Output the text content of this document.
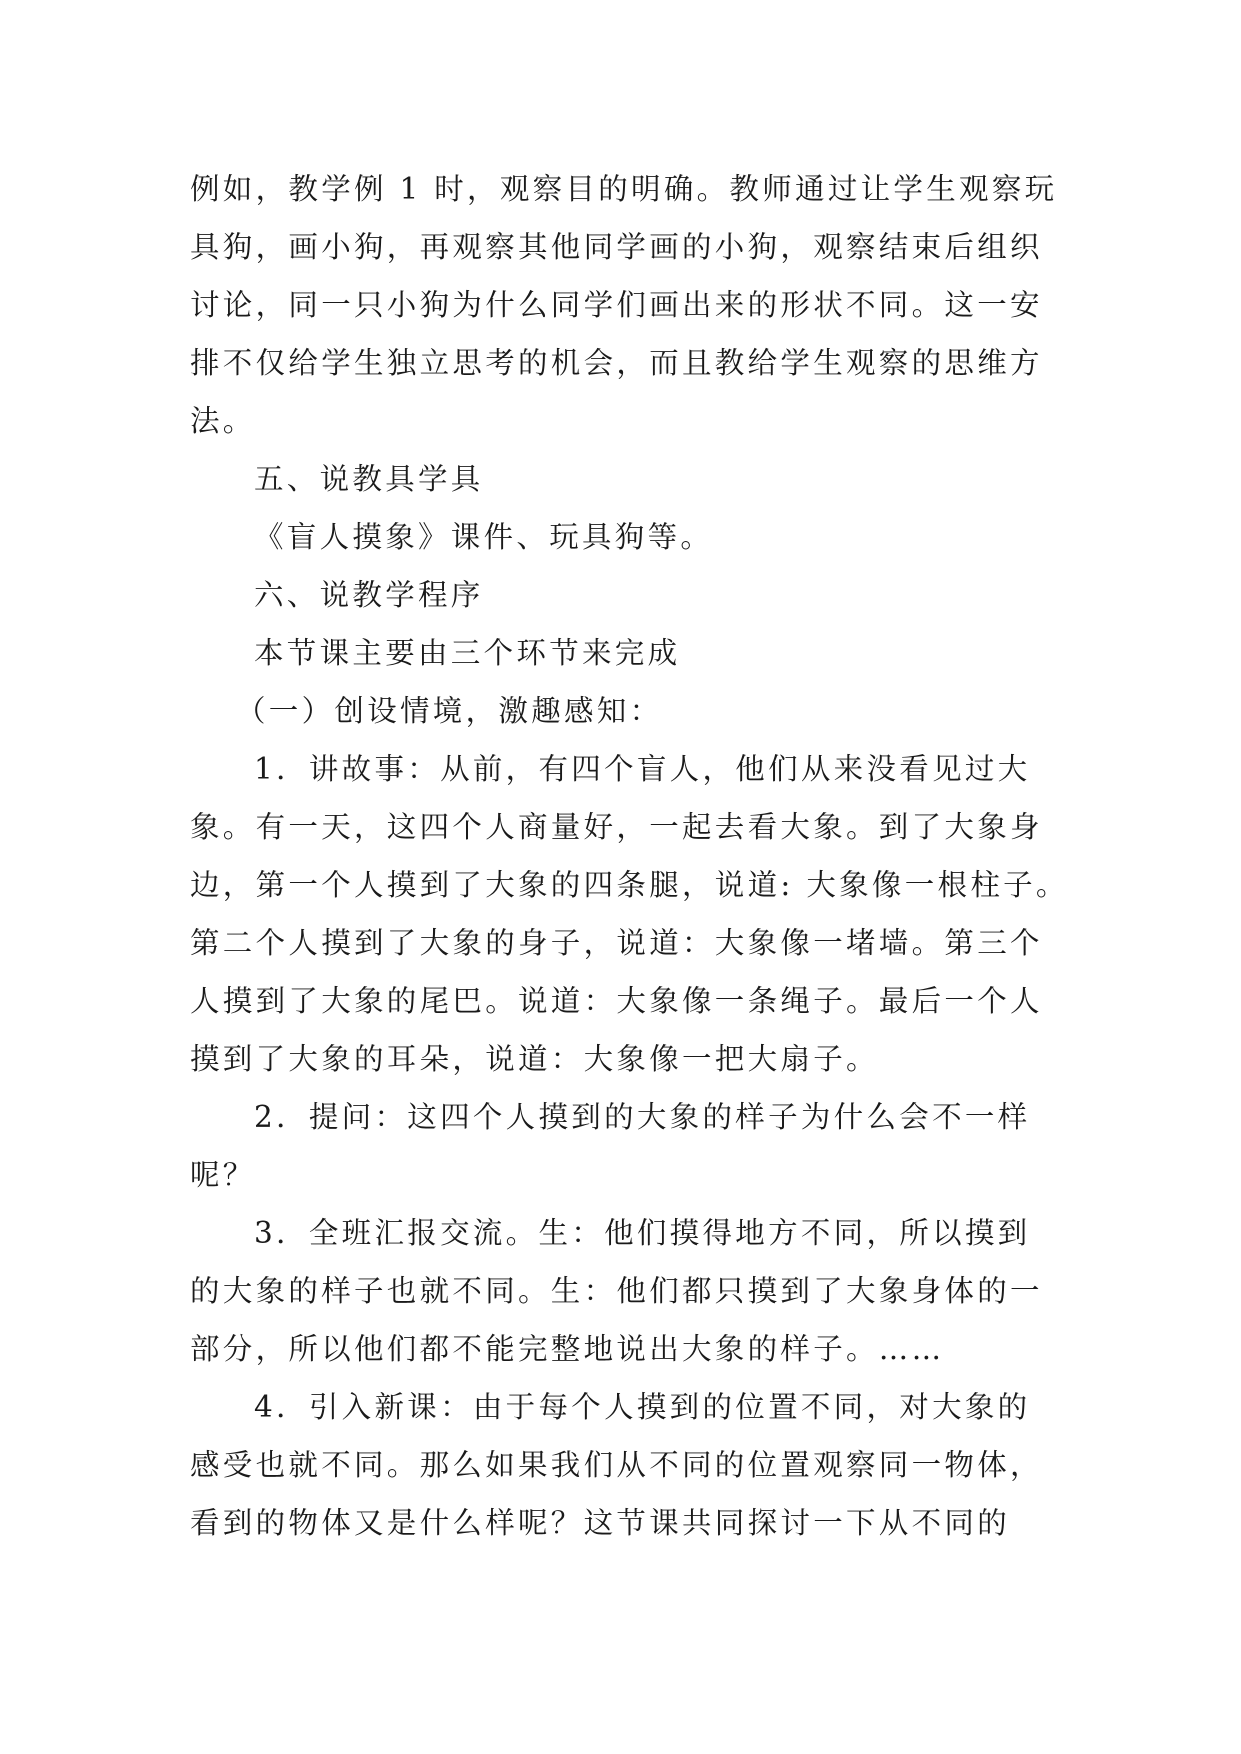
例如，教学例 1 时，观察目的明确。教师通过让学生观察玩
具狗，画小狗，再观察其他同学画的小狗，观察结束后组织
讨论，同一只小狗为什么同学们画出来的形状不同。这一安
排不仅给学生独立思考的机会，而且教给学生观察的思维方
法。
五、说教具学具
《盲人摸象》课件、玩具狗等。
六、说教学程序
本节课主要由三个环节来完成
（一）创设情境，激趣感知：
1．讲故事：从前，有四个盲人，他们从来没看见过大
象。有一天，这四个人商量好，一起去看大象。到了大象身
边，第一个人摸到了大象的四条腿，说道: 大象像一根柱子。
第二个人摸到了大象的身子，说道：大象像一堵墙。第三个
人摸到了大象的尾巴。说道：大象像一条绳子。最后一个人
摸到了大象的耳朵，说道：大象像一把大扇子。
2．提问：这四个人摸到的大象的样子为什么会不一样
呢？
3．全班汇报交流。生：他们摸得地方不同，所以摸到
的大象的样子也就不同。生：他们都只摸到了大象身体的一
部分，所以他们都不能完整地说出大象的样子。……
4．引入新课：由于每个人摸到的位置不同，对大象的
感受也就不同。那么如果我们从不同的位置观察同一物体，
看到的物体又是什么样呢？这节课共同探讨一下从不同的
